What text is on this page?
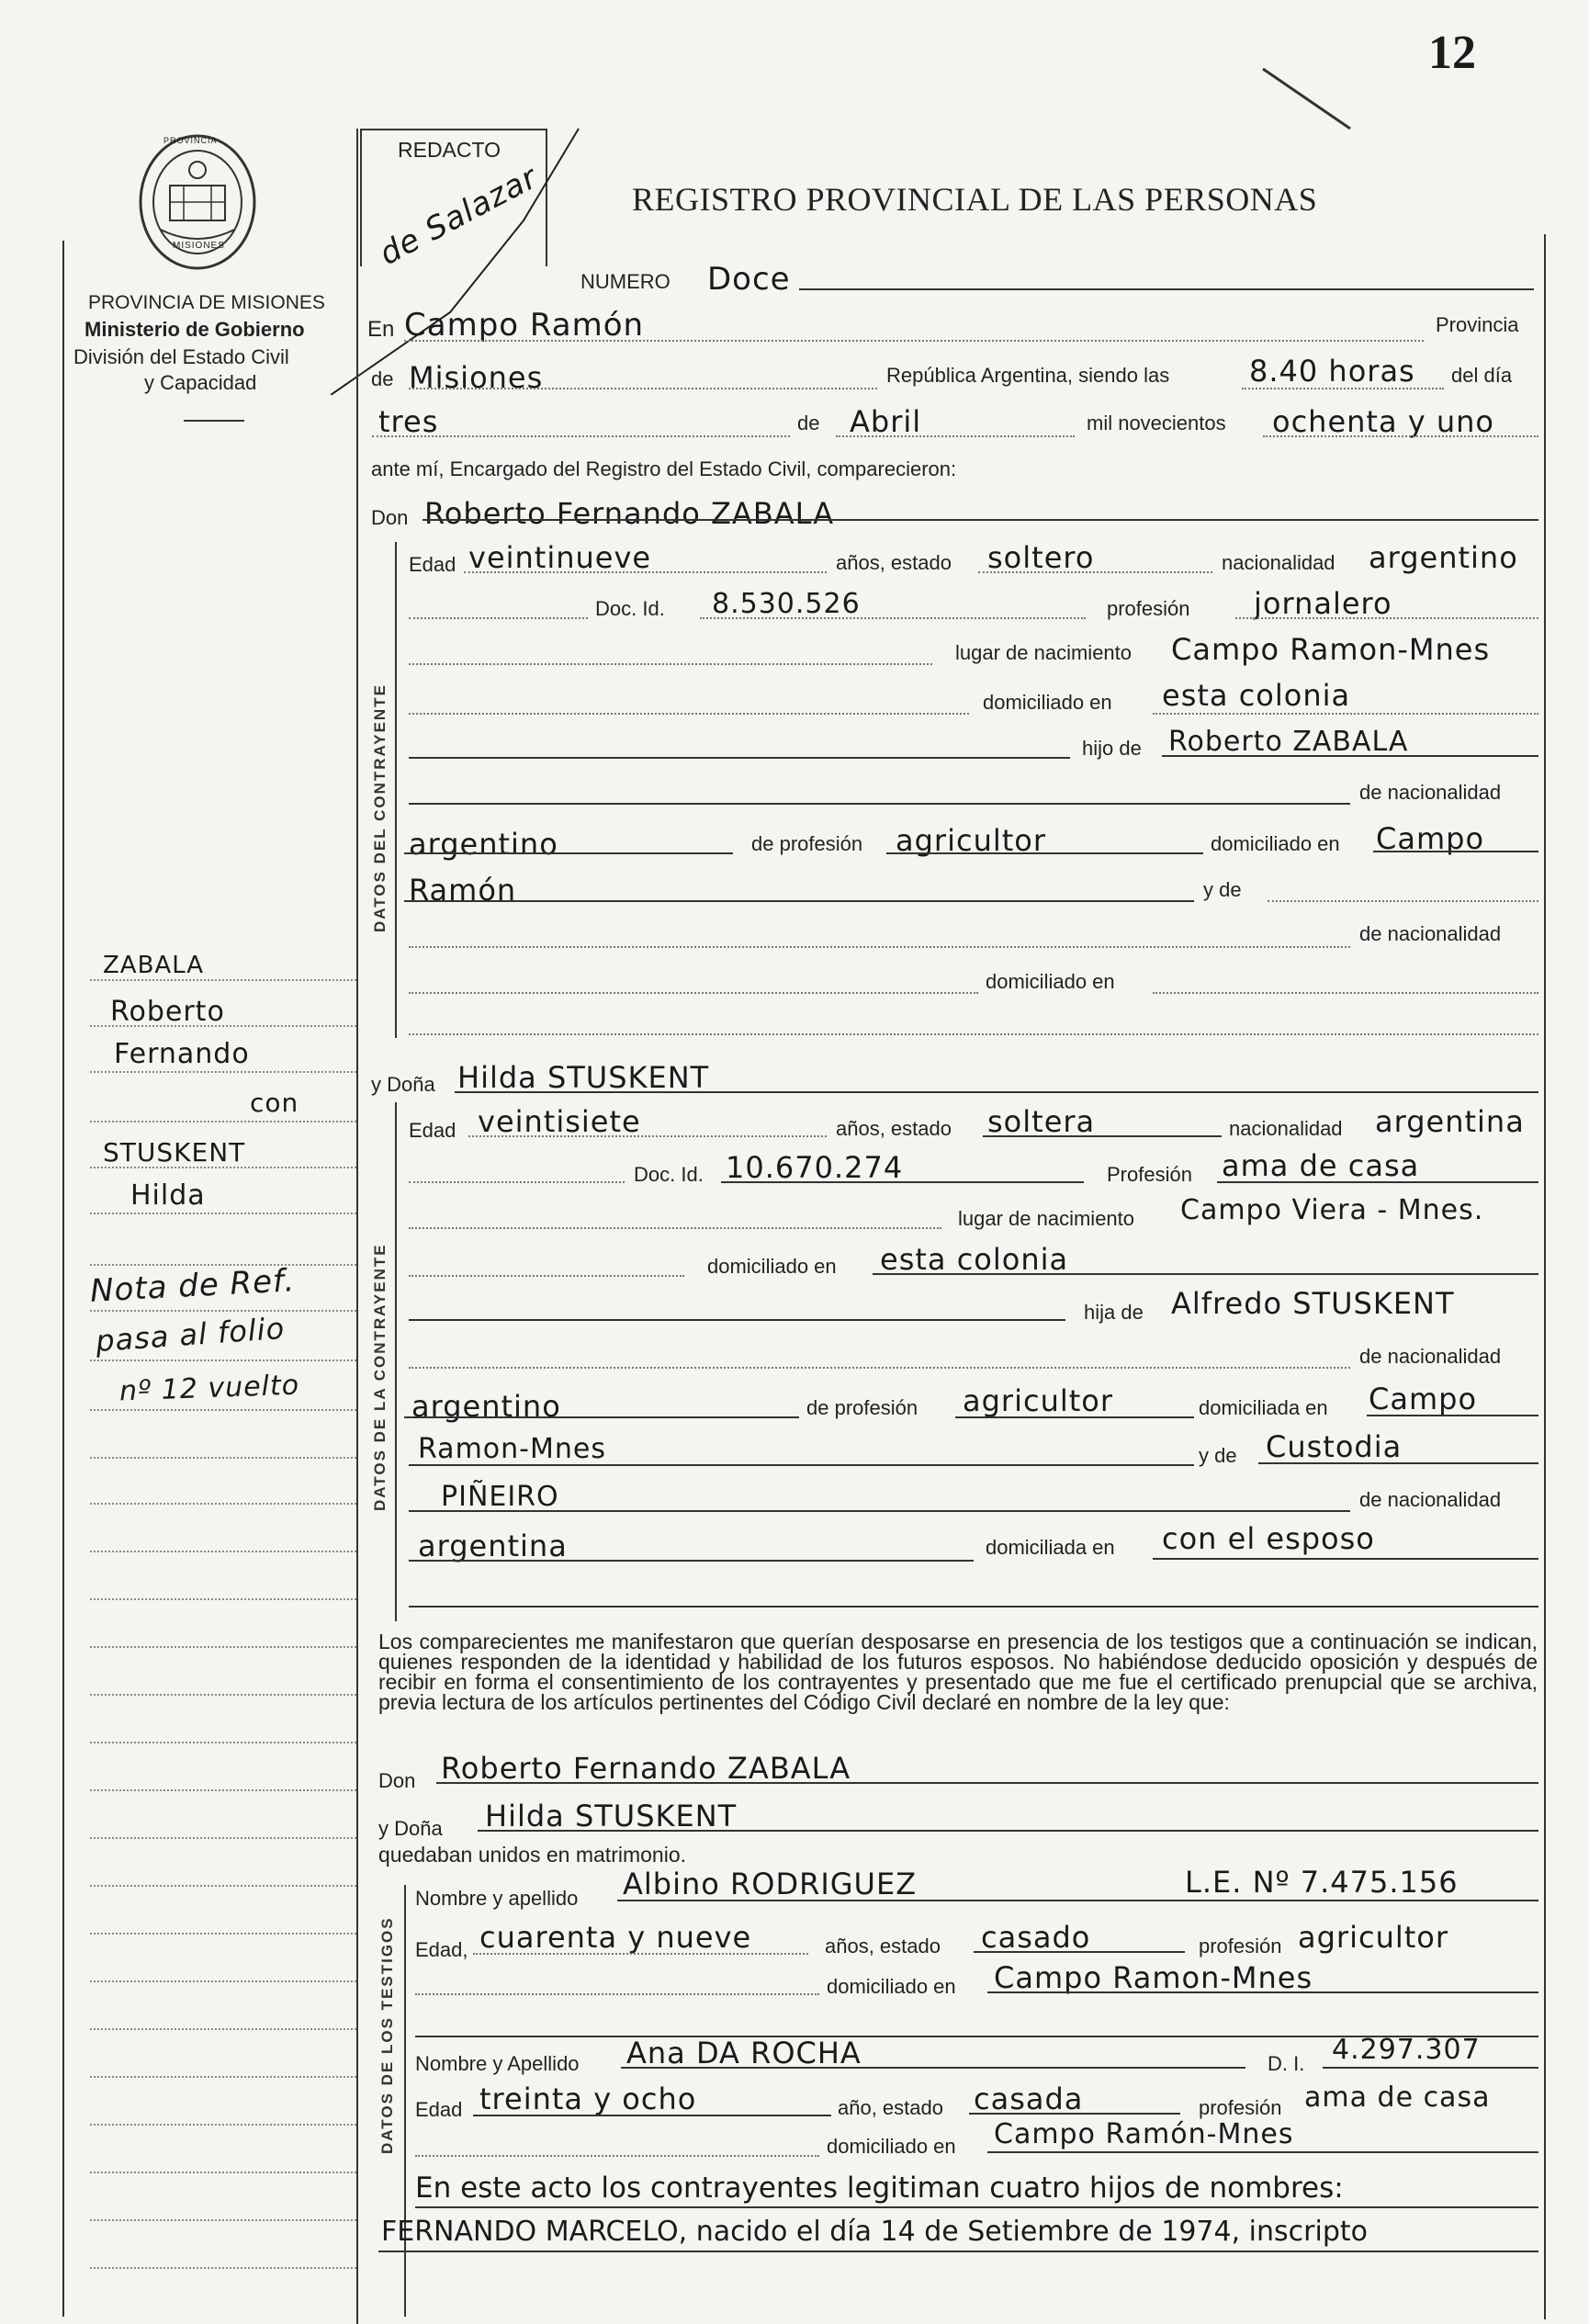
12
PROVINCIA
MISIONES
PROVINCIA DE MISIONES
Ministerio de Gobierno
División del Estado Civil
y Capacidad
REDACTO
de Salazar	REGISTRO PROVINCIAL DE LAS PERSONAS
NUMERO Doce
En Campo Ramón	Provincia
de Misiones	República Argentina, siendo las	8.40 horas del día
tres	de Abril	mil novecientos ochenta y uno
ante mí, Encargado del Registro del Estado Civil, comparecieron:
Don Roberto Fernando ZABALA
DATOS DEL CONTRAYENTE
Edad veintinueve	años, estado soltero	nacionalidad argentino
Doc. Id. 8.530.526	profesión jornalero
lugar de nacimiento Campo Ramon-Mnes
domiciliado en esta colonia
hijo de Roberto ZABALA
de nacionalidad
argentino	de profesión agricultor	domiciliado en Campo
Ramón	y de
de nacionalidad
domiciliado en
y Doña Hilda STUSKENT
DATOS DE LA CONTRAYENTE
Edad veintisiete	años, estado soltera	nacionalidad argentina
Doc. Id. 10.670.274	Profesión ama de casa
lugar de nacimiento Campo Viera - Mnes.
domiciliado en esta colonia
hija de Alfredo STUSKENT
de nacionalidad
argentino	de profesión agricultor	domiciliada en Campo
Ramon-Mnes	y de Custodia
PIÑEIRO	de nacionalidad
argentina	domiciliada en con el esposo
Los comparecientes me manifestaron que querían desposarse en presencia de los testigos que a continuación se indican, quienes responden de la identidad y habilidad de los futuros esposos. No habiéndose deducido oposición y después de recibir en forma el consentimiento de los contrayentes y presentado que me fue el certificado prenupcial que se archiva, previa lectura de los artículos pertinentes del Código Civil declaré en nombre de la ley que:
Don Roberto Fernando ZABALA
y Doña Hilda STUSKENT
quedaban unidos en matrimonio.
DATOS DE LOS TESTIGOS
Nombre y apellido Albino RODRIGUEZ	L.E. Nº 7.475.156
Edad, cuarenta y nueve	años, estado casado	profesión agricultor
domiciliado en Campo Ramon-Mnes
Nombre y Apellido Ana DA ROCHA	D. I. 4.297.307
Edad treinta y ocho	año, estado casada	profesión ama de casa
domiciliado en Campo Ramón-Mnes
En este acto los contrayentes legitiman cuatro hijos de nombres:
FERNANDO MARCELO, nacido el día 14 de Setiembre de 1974, inscripto
ZABALA
Roberto
Fernando
con
STUSKENT
Hilda
Nota de Ref.
pasa al folio
nº 12 vuelto
